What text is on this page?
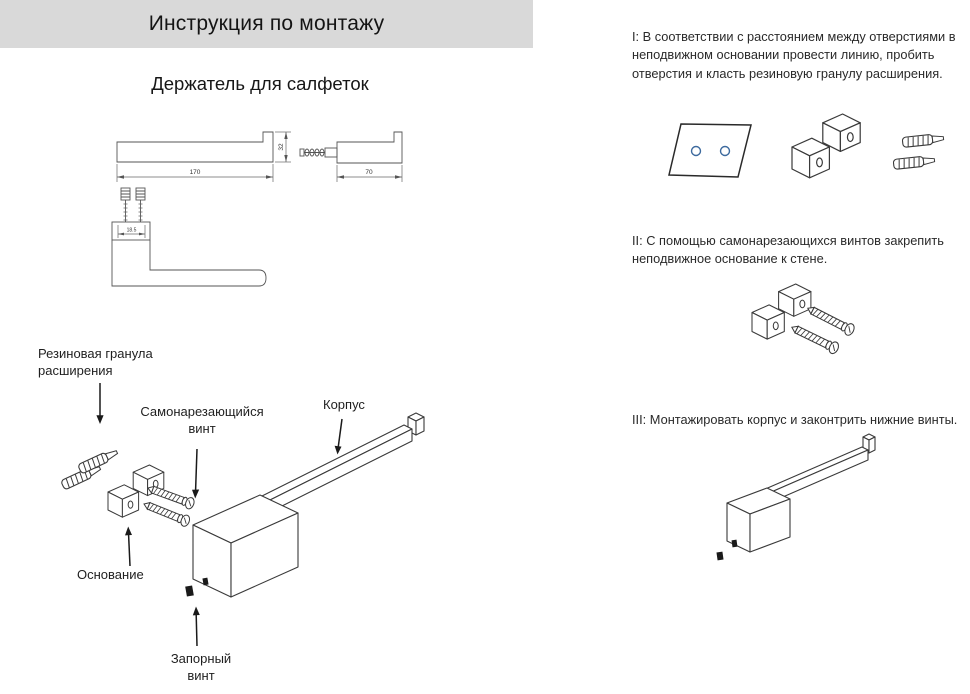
Инструкция по монтажу
Держатель для салфеток
170
32
70
18.5
Резиновая гранула расширения
Самонарезающийся винт
Корпус
Основание
Запорный винт

I: В соответствии с расстоянием между отверстиями в неподвижном основании провести линию, пробить отверстия и класть резиновую гранулу расширения.

II: С помощью самонарезающихся винтов закрепить неподвижное основание к стене.

III: Монтажировать корпус и законтрить нижние винты.
